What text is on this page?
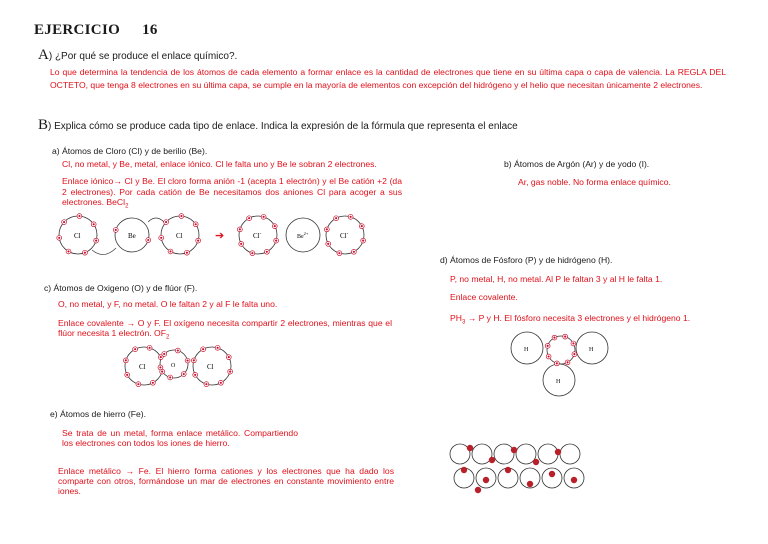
EJERCICIO 16
A) ¿Por qué se produce el enlace químico?.
Lo que determina la tendencia de los átomos de cada elemento a formar enlace es la cantidad de electrones que tiene en su última capa o capa de valencia. La REGLA DEL OCTETO, que tenga 8 electrones en su última capa, se cumple en la mayoría de elementos con excepción del hidrógeno y el helio que necesitan únicamente 2 electrones.
B) Explica cómo se produce cada tipo de enlace. Indica la expresión de la fórmula que representa el enlace
a) Átomos de Cloro (Cl) y de berilio (Be).
Cl, no metal, y Be, metal, enlace iónico. Cl le falta uno y Be le sobran 2 electrones.
Enlace iónico→ Cl y Be. El cloro forma anión -1 (acepta 1 electrón) y el Be catión +2 (da 2 electrones). Por cada catión de Be necesitamos dos aniones Cl para acoger a sus electrones. BeCl$_2$
Cl	Be	Cl	➔	Cl-	$Be^{2+}$	Cl-
b) Átomos de Argón (Ar) y de yodo (I).
Ar, gas noble. No forma enlace químico.
c) Átomos de Oxigeno (O) y de flúor (F).
O, no metal, y F, no metal. O le faltan 2 y al F le falta uno.
Enlace covalente → O y F. El oxígeno necesita compartir 2 electrones, mientras que el flúor necesita 1 electrón. $OF_2$
Cl	O	Cl
d) Átomos de Fósforo (P) y de hidrógeno (H).
P, no metal, H, no metal. Al P le faltan 3 y al H le falta 1.
Enlace covalente.
$PH_3 \to P$ y H. El fósforo necesita 3 electrones y el hidrógeno 1.
H	H
H
e) Átomos de hierro (Fe).
Se trata de un metal, forma enlace metálico. Compartiendo los electrones con todos los iones de hierro.
Enlace metálico → Fe. El hierro forma cationes y los electrones que ha dado los comparte con otros, formándose un mar de electrones en constante movimiento entre iones.
